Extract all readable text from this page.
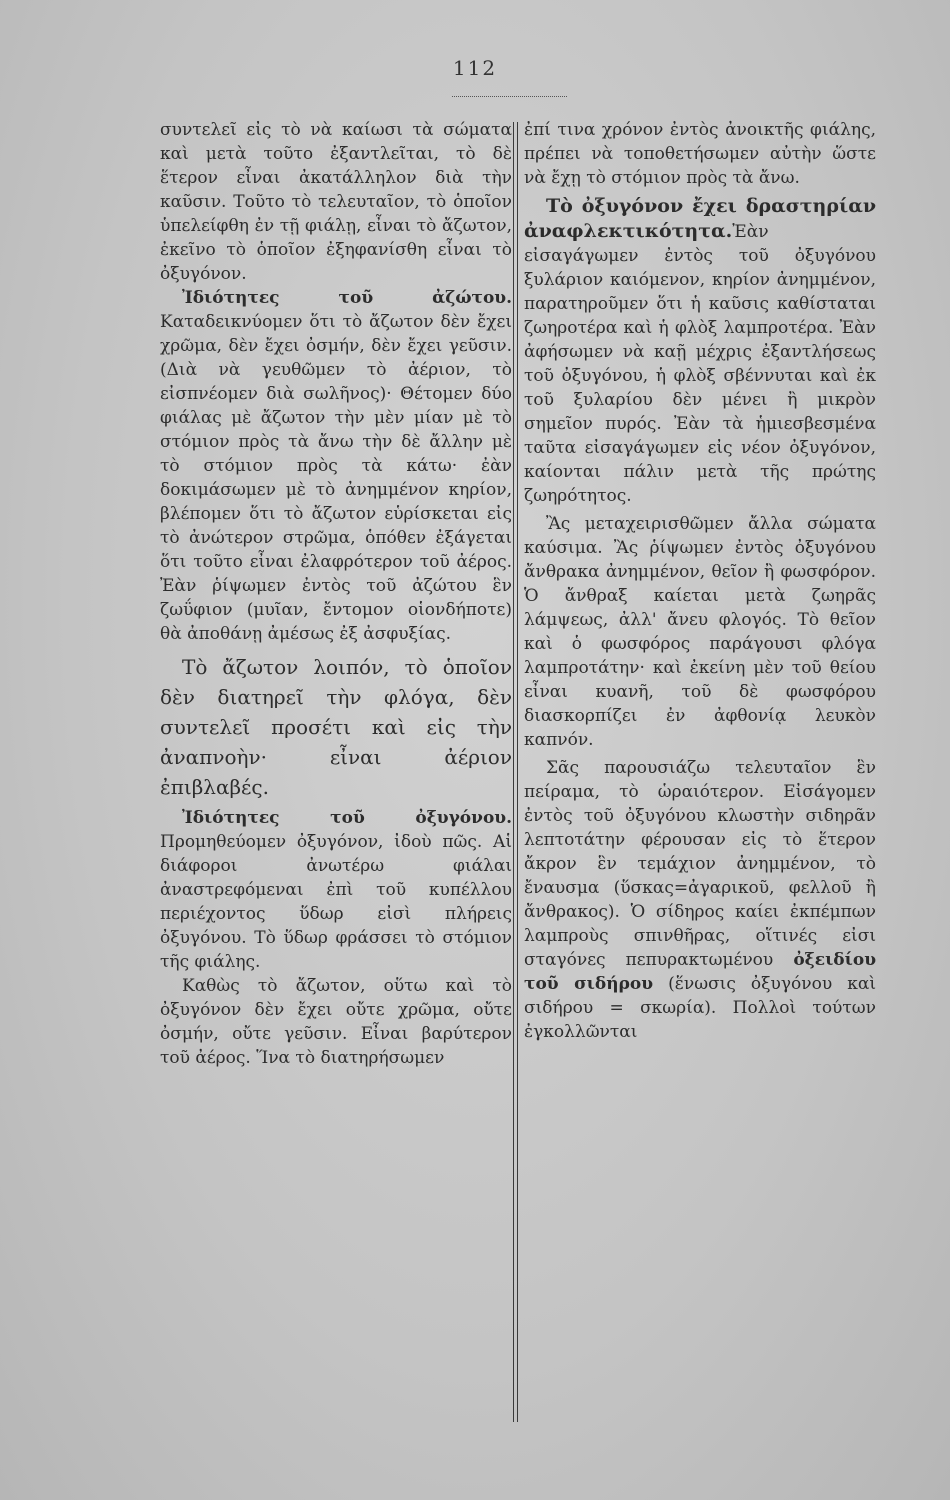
112

συντελεῖ εἰς τὸ νὰ καίωσι τὰ σώματα καὶ μετὰ τοῦτο ἐξαντλεῖται, τὸ δὲ ἕτερον εἶναι ἀκατάλληλον διὰ τὴν καῦσιν. Τοῦτο τὸ τελευταῖον, τὸ ὁποῖον ὑπελείφθη ἐν τῇ φιάλῃ, εἶναι τὸ ἄζωτον, ἐκεῖνο τὸ ὁποῖον ἐξηφανίσθη εἶναι τὸ ὀξυγόνον.

Ἰδιότητες τοῦ ἀζώτου. Καταδεικνύομεν ὅτι τὸ ἄζωτον δὲν ἔχει χρῶμα, δὲν ἔχει ὀσμήν, δὲν ἔχει γεῦσιν. (Διὰ νὰ γευθῶμεν τὸ ἀέριον, τὸ εἰσπνέομεν διὰ σωλῆνος)· Θέτομεν δύο φιάλας μὲ ἄζωτον τὴν μὲν μίαν μὲ τὸ στόμιον πρὸς τὰ ἄνω τὴν δὲ ἄλλην μὲ τὸ στόμιον πρὸς τὰ κάτω· ἐὰν δοκιμάσωμεν μὲ τὸ ἀνημμένον κηρίον, βλέπομεν ὅτι τὸ ἄζωτον εὑρίσκεται εἰς τὸ ἀνώτερον στρῶμα, ὁπόθεν ἐξάγεται ὅτι τοῦτο εἶναι ἐλαφρότερον τοῦ ἀέρος. Ἐὰν ῥίψωμεν ἐντὸς τοῦ ἀζώτου ἓν ζωΰφιον (μυῖαν, ἔντομον οἱονδήποτε) θὰ ἀποθάνῃ ἀμέσως ἐξ ἀσφυξίας.

Τὸ ἄζωτον λοιπόν, τὸ ὁποῖον δὲν διατηρεῖ τὴν φλόγα, δὲν συντελεῖ προσέτι καὶ εἰς τὴν ἀναπνοὴν· εἶναι ἀέριον ἐπιβλαβές.

Ἰδιότητες τοῦ ὀξυγόνου. Προμηθεύομεν ὀξυγόνον, ἰδοὺ πῶς. Αἱ διάφοροι ἀνωτέρω φιάλαι ἀναστρεφόμεναι ἐπὶ τοῦ κυπέλλου περιέχοντος ὕδωρ εἰσὶ πλήρεις ὀξυγόνου. Τὸ ὕδωρ φράσσει τὸ στόμιον τῆς φιάλης.

Καθὼς τὸ ἄζωτον, οὕτω καὶ τὸ ὀξυγόνον δὲν ἔχει οὔτε χρῶμα, οὔτε ὀσμήν, οὔτε γεῦσιν. Εἶναι βαρύτερον τοῦ ἀέρος. Ἵνα τὸ διατηρήσωμεν

ἐπί τινα χρόνον ἐντὸς ἀνοικτῆς φιάλης, πρέπει νὰ τοποθετήσωμεν αὐτὴν ὥστε νὰ ἔχῃ τὸ στόμιον πρὸς τὰ ἄνω.

Τὸ ὀξυγόνον ἔχει δραστηρίαν ἀναφλεκτικότητα.Ἐὰν εἰσαγάγωμεν ἐντὸς τοῦ ὀξυγόνου ξυλάριον καιόμενον, κηρίον ἀνημμένον, παρατηροῦμεν ὅτι ἡ καῦσις καθίσταται ζωηροτέρα καὶ ἡ φλὸξ λαμπροτέρα. Ἐὰν ἀφήσωμεν νὰ καῇ μέχρις ἐξαντλήσεως τοῦ ὀξυγόνου, ἡ φλὸξ σβέννυται καὶ ἐκ τοῦ ξυλαρίου δὲν μένει ἢ μικρὸν σημεῖον πυρός. Ἐὰν τὰ ἡμιεσβεσμένα ταῦτα εἰσαγάγωμεν εἰς νέον ὀξυγόνον, καίονται πάλιν μετὰ τῆς πρώτης ζωηρότητος.

Ἂς μεταχειρισθῶμεν ἄλλα σώματα καύσιμα. Ἂς ῥίψωμεν ἐντὸς ὀξυγόνου ἄνθρακα ἀνημμένον, θεῖον ἢ φωσφόρον. Ὁ ἄνθραξ καίεται μετὰ ζωηρᾶς λάμψεως, ἀλλ' ἄνευ φλογός. Τὸ θεῖον καὶ ὁ φωσφόρος παράγουσι φλόγα λαμπροτάτην· καὶ ἐκείνη μὲν τοῦ θείου εἶναι κυανῆ, τοῦ δὲ φωσφόρου διασκορπίζει ἐν ἀφθονίᾳ λευκὸν καπνόν.

Σᾶς παρουσιάζω τελευταῖον ἓν πείραμα, τὸ ὡραιότερον. Εἰσάγομεν ἐντὸς τοῦ ὀξυγόνου κλωστὴν σιδηρᾶν λεπτοτάτην φέρουσαν εἰς τὸ ἕτερον ἄκρον ἓν τεμάχιον ἀνημμένον, τὸ ἔναυσμα (ὕσκας=ἀγαρικοῦ, φελλοῦ ἢ ἄνθρακος). Ὁ σίδηρος καίει ἐκπέμπων λαμπροὺς σπινθῆρας, οἵτινές εἰσι σταγόνες πεπυρακτωμένου ὀξειδίου τοῦ σιδήρου (ἕνωσις ὀξυγόνου καὶ σιδήρου = σκωρία). Πολλοὶ τούτων ἐγκολλῶνται
